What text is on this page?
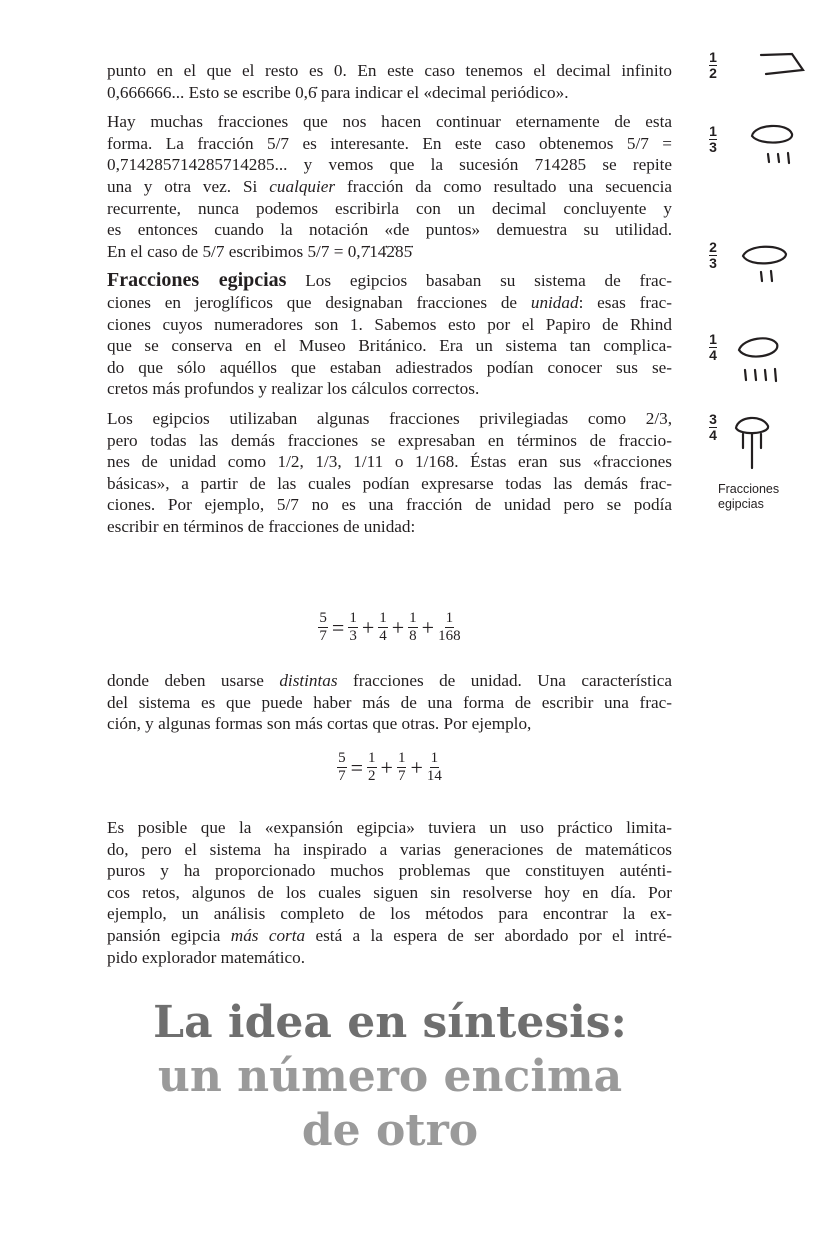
punto en el que el resto es 0. En este caso tenemos el decimal infinito
0,666666... Esto se escribe 0,6̇ para indicar el «decimal periódico».
Hay muchas fracciones que nos hacen continuar eternamente de esta
forma. La fracción 5/7 es interesante. En este caso obtenemos 5/7 =
0,714285714285714285... y vemos que la sucesión 714285 se repite
una y otra vez. Si cualquier fracción da como resultado una secuencia
recurrente, nunca podemos escribirla con un decimal concluyente y
es entonces cuando la notación «de puntos» demuestra su utilidad.
En el caso de 5/7 escribimos 5/7 = 0,7̇14̇2̇85̇
Fracciones egipcias Los egipcios basaban su sistema de frac-
ciones en jeroglíficos que designaban fracciones de unidad: esas frac-
ciones cuyos numeradores son 1. Sabemos esto por el Papiro de Rhind
que se conserva en el Museo Británico. Era un sistema tan complica-
do que sólo aquéllos que estaban adiestrados podían conocer sus se-
cretos más profundos y realizar los cálculos correctos.
Los egipcios utilizaban algunas fracciones privilegiadas como 2/3,
pero todas las demás fracciones se expresaban en términos de fraccio-
nes de unidad como 1/2, 1/3, 1/11 o 1/168. Éstas eran sus «fracciones
básicas», a partir de las cuales podían expresarse todas las demás frac-
ciones. Por ejemplo, 5/7 no es una fracción de unidad pero se podía
escribir en términos de fracciones de unidad:
$\frac{5}{7} = \frac{1}{3} + \frac{1}{4} + \frac{1}{8} + \frac{1}{168}$
donde deben usarse distintas fracciones de unidad. Una característica
del sistema es que puede haber más de una forma de escribir una frac-
ción, y algunas formas son más cortas que otras. Por ejemplo,
$\frac{5}{7} = \frac{1}{2} + \frac{1}{7} + \frac{1}{14}$
Es posible que la «expansión egipcia» tuviera un uso práctico limita-
do, pero el sistema ha inspirado a varias generaciones de matemáticos
puros y ha proporcionado muchos problemas que constituyen auténti-
cos retos, algunos de los cuales siguen sin resolverse hoy en día. Por
ejemplo, un análisis completo de los métodos para encontrar la ex-
pansión egipcia más corta está a la espera de ser abordado por el intré-
pido explorador matemático.
Fracciones
egipcias
$\frac{1}{2}$
$\frac{1}{3}$
$\frac{2}{3}$
$\frac{1}{4}$
$\frac{3}{4}$
La idea en síntesis:
un número encima
de otro
